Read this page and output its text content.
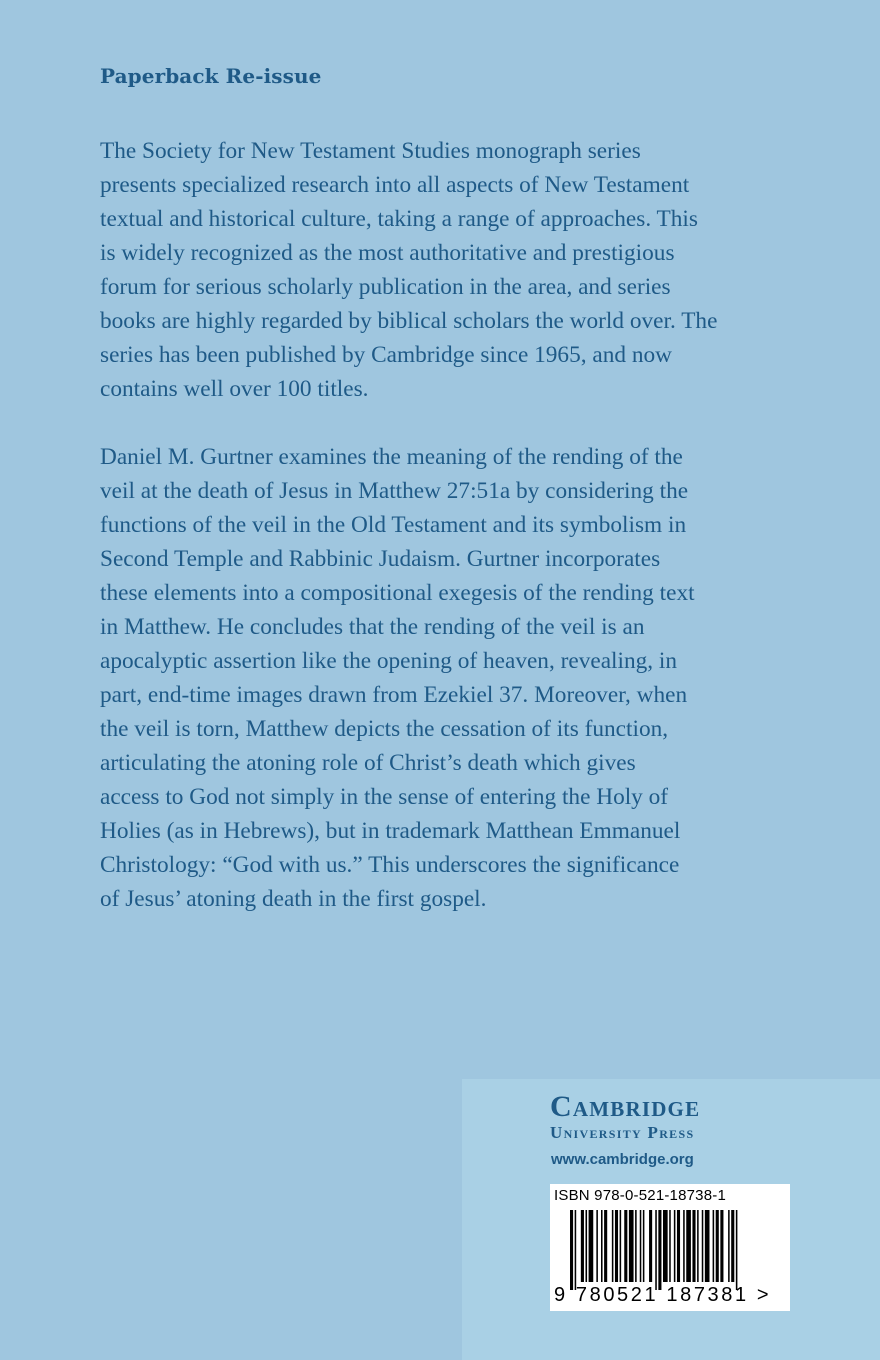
Paperback Re-issue

The Society for New Testament Studies monograph series
presents specialized research into all aspects of New Testament
textual and historical culture, taking a range of approaches. This
is widely recognized as the most authoritative and prestigious
forum for serious scholarly publication in the area, and series
books are highly regarded by biblical scholars the world over. The
series has been published by Cambridge since 1965, and now
contains well over 100 titles.

Daniel M. Gurtner examines the meaning of the rending of the
veil at the death of Jesus in Matthew 27:51a by considering the
functions of the veil in the Old Testament and its symbolism in
Second Temple and Rabbinic Judaism. Gurtner incorporates
these elements into a compositional exegesis of the rending text
in Matthew. He concludes that the rending of the veil is an
apocalyptic assertion like the opening of heaven, revealing, in
part, end-time images drawn from Ezekiel 37. Moreover, when
the veil is torn, Matthew depicts the cessation of its function,
articulating the atoning role of Christ’s death which gives
access to God not simply in the sense of entering the Holy of
Holies (as in Hebrews), but in trademark Matthean Emmanuel
Christology: “God with us.” This underscores the significance
of Jesus’ atoning death in the first gospel.

Cambridge
University Press
www.cambridge.org
ISBN 978-0-521-18738-1
9 780521 187381 >
